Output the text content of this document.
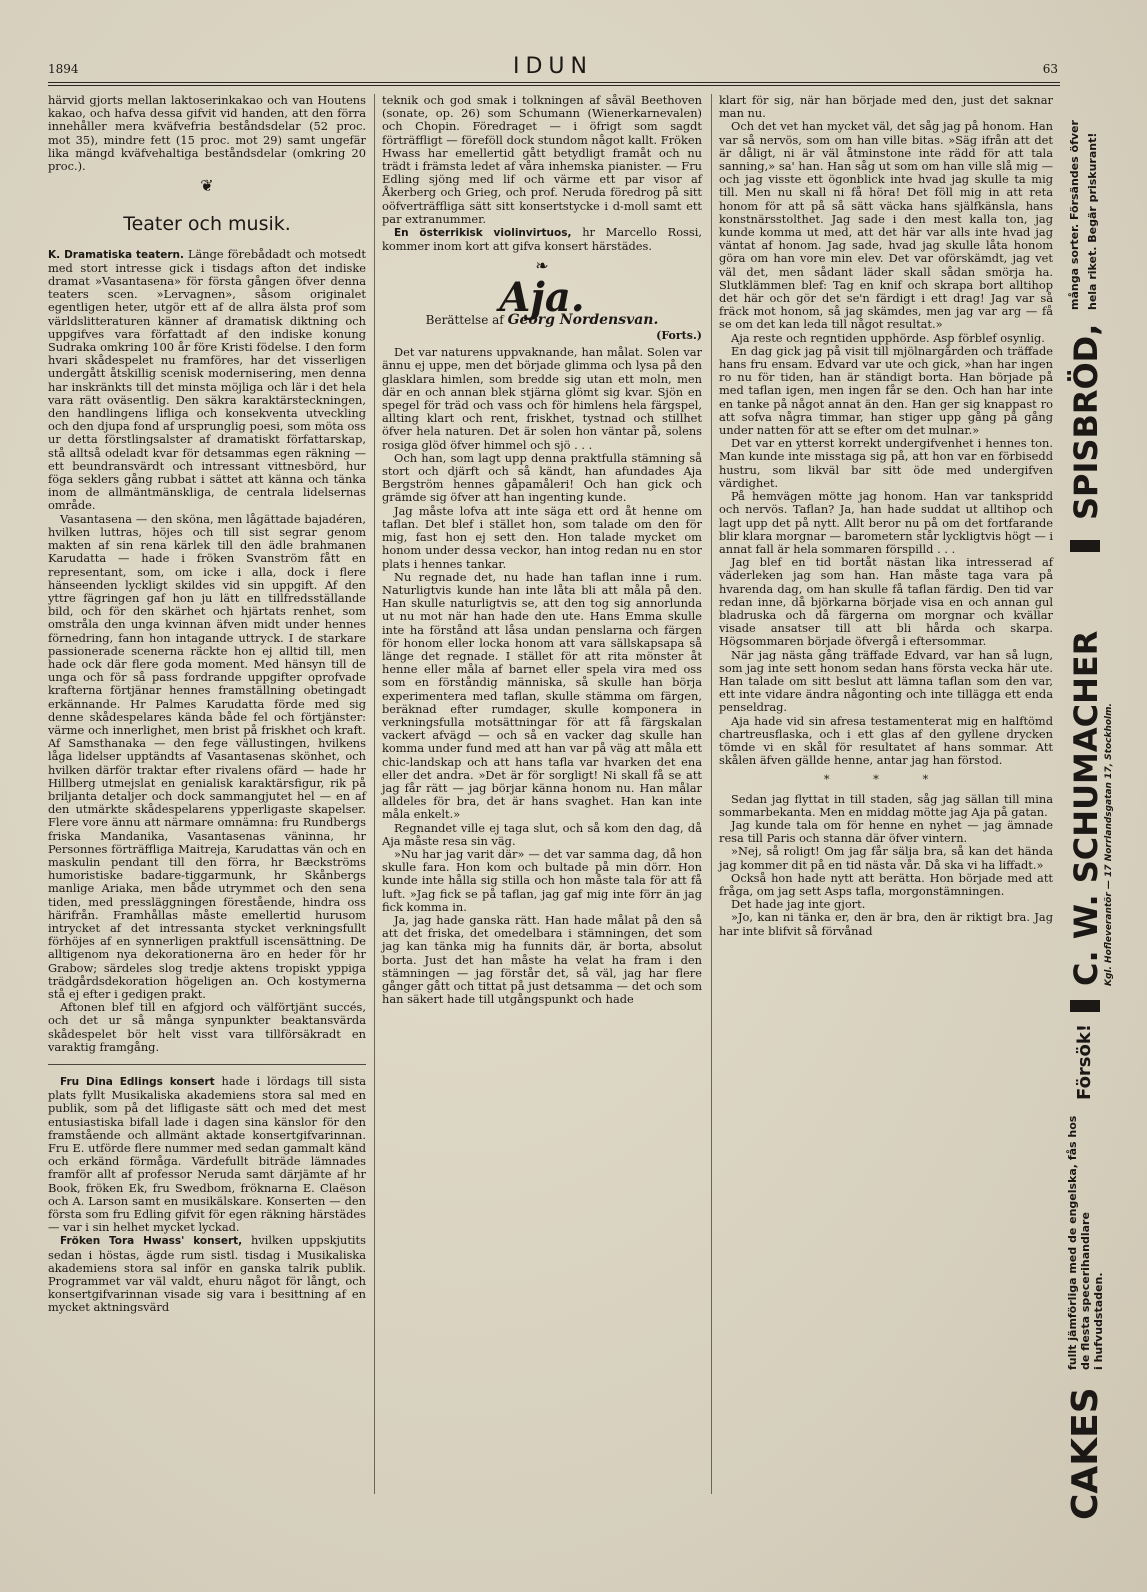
1894	IDUN	63

härvid gjorts mellan laktoserinkakao och van Houtens kakao, och hafva dessa gifvit vid handen, att den förra innehåller mera kväfvefria beståndsdelar (52 proc. mot 35), mindre fett (15 proc. mot 29) samt ungefär lika mängd kväfvehaltiga beståndsdelar (omkring 20 proc.).

❦
Teater och musik.

K. Dramatiska teatern. Länge förebådadt och motsedt med stort intresse gick i tisdags afton det indiske dramat »Vasantasena» för första gången öfver denna teaters scen. »Lervagnen», såsom originalet egentligen heter, utgör ett af de allra älsta prof som världslitteraturen känner af dramatisk diktning och uppgifves vara författadt af den indiske konung Sudraka omkring 100 år före Kristi födelse. I den form hvari skådespelet nu framföres, har det visserligen undergått åtskillig scenisk modernisering, men denna har inskränkts till det minsta möjliga och lär i det hela vara rätt oväsentlig. Den säkra karaktärsteckningen, den handlingens lifliga och konsekventa utveckling och den djupa fond af ursprunglig poesi, som möta oss ur detta förstlingsalster af dramatiskt författarskap, stå alltså odeladt kvar för detsammas egen räkning — ett beundransvärdt och intressant vittnesbörd, hur föga seklers gång rubbat i sättet att känna och tänka inom de allmäntmänskliga, de centrala lidelsernas område.

Vasantasena — den sköna, men lågättade bajadéren, hvilken luttras, höjes och till sist segrar genom makten af sin rena kärlek till den ädle brahmanen Karudatta — hade i fröken Svanström fått en representant, som, om icke i alla, dock i flere hänseenden lyckligt skildes vid sin uppgift. Af den yttre fägringen gaf hon ju lätt en tillfredsställande bild, och för den skärhet och hjärtats renhet, som omstråla den unga kvinnan äfven midt under hennes förnedring, fann hon intagande uttryck. I de starkare passionerade scenerna räckte hon ej alltid till, men hade ock där flere goda moment. Med hänsyn till de unga och för så pass fordrande uppgifter oprofvade krafterna förtjänar hennes framställning obetingadt erkännande. Hr Palmes Karudatta förde med sig denne skådespelares kända både fel och förtjänster: värme och innerlighet, men brist på friskhet och kraft. Af Samsthanaka — den fege vällustingen, hvilkens låga lidelser upptändts af Vasantasenas skönhet, och hvilken därför traktar efter rivalens ofärd — hade hr Hillberg utmejslat en genialisk karaktärsfigur, rik på briljanta detaljer och dock sammangjutet hel — en af den utmärkte skådespelarens ypperligaste skapelser. Flere vore ännu att närmare omnämna: fru Rundbergs friska Mandanika, Vasantasenas väninna, hr Personnes förträffliga Maitreja, Karudattas vän och en maskulin pendant till den förra, hr Bæckströms humoristiske badare-tiggarmunk, hr Skånbergs manlige Ariaka, men både utrymmet och den sena tiden, med pressläggningen förestående, hindra oss härifrån. Framhållas måste emellertid hurusom intrycket af det intressanta stycket verkningsfullt förhöjes af en synnerligen praktfull iscensättning. De alltigenom nya dekorationerna äro en heder för hr Grabow; särdeles slog tredje aktens tropiskt yppiga trädgårdsdekoration högeligen an. Och kostymerna stå ej efter i gedigen prakt.

Aftonen blef till en afgjord och välförtjänt succés, och det ur så många synpunkter beaktansvärda skådespelet bör helt visst vara tillförsäkradt en varaktig framgång.

Fru Dina Edlings konsert hade i lördags till sista plats fyllt Musikaliska akademiens stora sal med en publik, som på det lifligaste sätt och med det mest entusiastiska bifall lade i dagen sina känslor för den framstående och allmänt aktade konsertgifvarinnan. Fru E. utförde flere nummer med sedan gammalt känd och erkänd förmåga. Värdefullt biträde lämnades framför allt af professor Neruda samt därjämte af hr Book, fröken Ek, fru Swedbom, fröknarna E. Claëson och A. Larson samt en musikälskare. Konserten — den första som fru Edling gifvit för egen räkning härstädes — var i sin helhet mycket lyckad.

Fröken Tora Hwass' konsert, hvilken uppskjutits sedan i höstas, ägde rum sistl. tisdag i Musikaliska akademiens stora sal inför en ganska talrik publik. Programmet var väl valdt, ehuru något för långt, och konsertgifvarinnan visade sig vara i besittning af en mycket aktningsvärd

teknik och god smak i tolkningen af såväl Beethoven (sonate, op. 26) som Schumann (Wienerkarnevalen) och Chopin. Föredraget — i öfrigt som sagdt förträffligt — föreföll dock stundom något kallt. Fröken Hwass har emellertid gått betydligt framåt och nu trädt i främsta ledet af våra inhemska pianister. — Fru Edling sjöng med lif och värme ett par visor af Åkerberg och Grieg, och prof. Neruda föredrog på sitt oöfverträffliga sätt sitt konsertstycke i d-moll samt ett par extranummer.

En österrikisk violinvirtuos, hr Marcello Rossi, kommer inom kort att gifva konsert härstädes.

❧
Aja.
Berättelse af Georg Nordensvan.
(Forts.)

Det var naturens uppvaknande, han målat. Solen var ännu ej uppe, men det började glimma och lysa på den glasklara himlen, som bredde sig utan ett moln, men där en och annan blek stjärna glömt sig kvar. Sjön en spegel för träd och vass och för himlens hela färgspel, allting klart och rent, friskhet, tystnad och stillhet öfver hela naturen. Det är solen hon väntar på, solens rosiga glöd öfver himmel och sjö . . .

Och han, som lagt upp denna praktfulla stämning så stort och djärft och så kändt, han afundades Aja Bergström hennes gåpamåleri! Och han gick och grämde sig öfver att han ingenting kunde.

Jag måste lofva att inte säga ett ord åt henne om taflan. Det blef i stället hon, som talade om den för mig, fast hon ej sett den. Hon talade mycket om honom under dessa veckor, han intog redan nu en stor plats i hennes tankar.

Nu regnade det, nu hade han taflan inne i rum. Naturligtvis kunde han inte låta bli att måla på den. Han skulle naturligtvis se, att den tog sig annorlunda ut nu mot när han hade den ute. Hans Emma skulle inte ha förstånd att låsa undan penslarna och färgen för honom eller locka honom att vara sällskapsapa så länge det regnade. I stället för att rita mönster åt henne eller måla af barnet eller spela vira med oss som en förståndig människa, så skulle han börja experimentera med taflan, skulle stämma om färgen, beräknad efter rumdager, skulle komponera in verkningsfulla motsättningar för att få färgskalan vackert afvägd — och så en vacker dag skulle han komma under fund med att han var på väg att måla ett chic-landskap och att hans tafla var hvarken det ena eller det andra. »Det är för sorgligt! Ni skall få se att jag får rätt — jag börjar känna honom nu. Han målar alldeles för bra, det är hans svaghet. Han kan inte måla enkelt.»

Regnandet ville ej taga slut, och så kom den dag, då Aja måste resa sin väg.

»Nu har jag varit där» — det var samma dag, då hon skulle fara. Hon kom och bultade på min dörr. Hon kunde inte hålla sig stilla och hon måste tala för att få luft. »Jag fick se på taflan, jag gaf mig inte förr än jag fick komma in.

Ja, jag hade ganska rätt. Han hade målat på den så att det friska, det omedelbara i stämningen, det som jag kan tänka mig ha funnits där, är borta, absolut borta. Just det han måste ha velat ha fram i den stämningen — jag förstår det, så väl, jag har flere gånger gått och tittat på just detsamma — det och som han säkert hade till utgångspunkt och hade

klart för sig, när han började med den, just det saknar man nu.

Och det vet han mycket väl, det såg jag på honom. Han var så nervös, som om han ville bitas. »Säg ifrån att det är dåligt, ni är väl åtminstone inte rädd för att tala sanning,» sa' han. Han såg ut som om han ville slå mig — och jag visste ett ögonblick inte hvad jag skulle ta mig till. Men nu skall ni få höra! Det föll mig in att reta honom för att på så sätt väcka hans själfkänsla, hans konstnärsstolthet. Jag sade i den mest kalla ton, jag kunde komma ut med, att det här var alls inte hvad jag väntat af honom. Jag sade, hvad jag skulle låta honom göra om han vore min elev. Det var oförskämdt, jag vet väl det, men sådant läder skall sådan smörja ha. Slutklämmen blef: Tag en knif och skrapa bort alltihop det här och gör det se'n färdigt i ett drag! Jag var så fräck mot honom, så jag skämdes, men jag var arg — få se om det kan leda till något resultat.»

Aja reste och regntiden upphörde. Asp förblef osynlig.

En dag gick jag på visit till mjölnargården och träffade hans fru ensam. Edvard var ute och gick, »han har ingen ro nu för tiden, han är ständigt borta. Han började på med taflan igen, men ingen får se den. Och han har inte en tanke på något annat än den. Han ger sig knappast ro att sofva några timmar, han stiger upp gång på gång under natten för att se efter om det mulnar.»

Det var en ytterst korrekt undergifvenhet i hennes ton. Man kunde inte misstaga sig på, att hon var en förbisedd hustru, som likväl bar sitt öde med undergifven värdighet.

På hemvägen mötte jag honom. Han var tankspridd och nervös. Taflan? Ja, han hade suddat ut alltihop och lagt upp det på nytt. Allt beror nu på om det fortfarande blir klara morgnar — barometern står lyckligtvis högt — i annat fall är hela sommaren förspilld . . .

Jag blef en tid bortåt nästan lika intresserad af väderleken jag som han. Han måste taga vara på hvarenda dag, om han skulle få taflan färdig. Den tid var redan inne, då björkarna började visa en och annan gul bladruska och då färgerna om morgnar och kvällar visade ansatser till att bli hårda och skarpa. Högsommaren började öfvergå i eftersommar.

När jag nästa gång träffade Edvard, var han så lugn, som jag inte sett honom sedan hans första vecka här ute. Han talade om sitt beslut att lämna taflan som den var, ett inte vidare ändra någonting och inte tillägga ett enda penseldrag.

Aja hade vid sin afresa testamenterat mig en halftömd chartreusflaska, och i ett glas af den gyllene drycken tömde vi en skål för resultatet af hans sommar. Att skålen äfven gällde henne, antar jag han förstod.

* * *

Sedan jag flyttat in till staden, såg jag sällan till mina sommarbekanta. Men en middag mötte jag Aja på gatan.

Jag kunde tala om för henne en nyhet — jag ämnade resa till Paris och stanna där öfver vintern.

»Nej, så roligt! Om jag får sälja bra, så kan det hända jag kommer dit på en tid nästa vår. Då ska vi ha liffadt.»

Också hon hade nytt att berätta. Hon började med att fråga, om jag sett Asps tafla, morgonstämningen.

Det hade jag inte gjort.

»Jo, kan ni tänka er, den är bra, den är riktigt bra. Jag har inte blifvit så förvånad

CAKES
fullt jämförliga med de engelska, fås hos de flesta specerihandlare i hufvudstaden.
Försök!
C. W. SCHUMACHER Kgl. Hofleverantör — 17 Norrlandsgatan 17, Stockholm.
SPISBRÖD,
många sorter. Försändes öfver hela riket. Begär priskurant!
